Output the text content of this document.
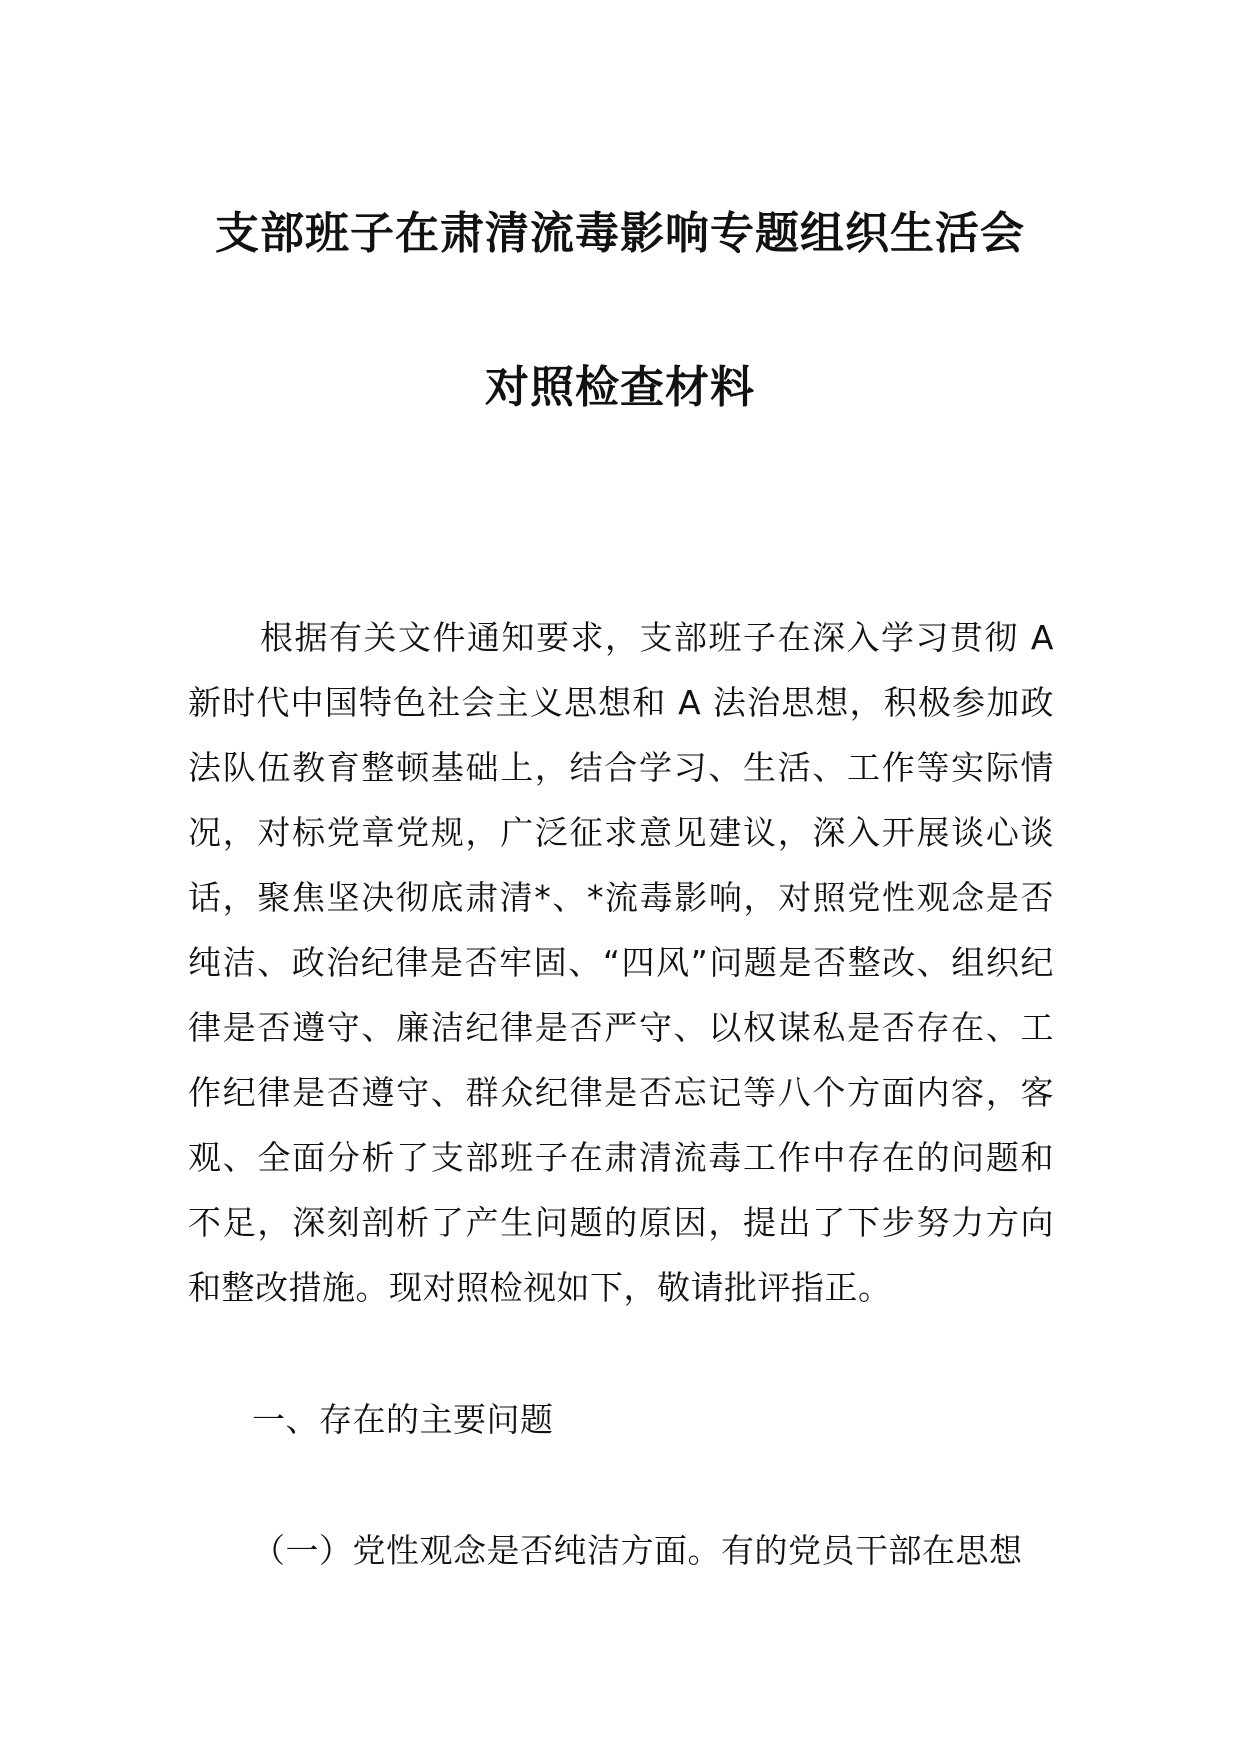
支部班子在肃清流毒影响专题组织生活会
对照检查材料
根据有关文件通知要求，支部班子在深入学习贯彻 A 新时代中国特色社会主义思想和 A 法治思想，积极参加政法队伍教育整顿基础上，结合学习、生活、工作等实际情况，对标党章党规，广泛征求意见建议，深入开展谈心谈话，聚焦坚决彻底肃清*、*流毒影响，对照党性观念是否纯洁、政治纪律是否牢固、“四风”问题是否整改、组织纪律是否遵守、廉洁纪律是否严守、以权谋私是否存在、工作纪律是否遵守、群众纪律是否忘记等八个方面内容，客观、全面分析了支部班子在肃清流毒工作中存在的问题和不足，深刻剖析了产生问题的原因，提出了下步努力方向和整改措施。现对照检视如下，敬请批评指正。
一、存在的主要问题
（一）党性观念是否纯洁方面。有的党员干部在思想
